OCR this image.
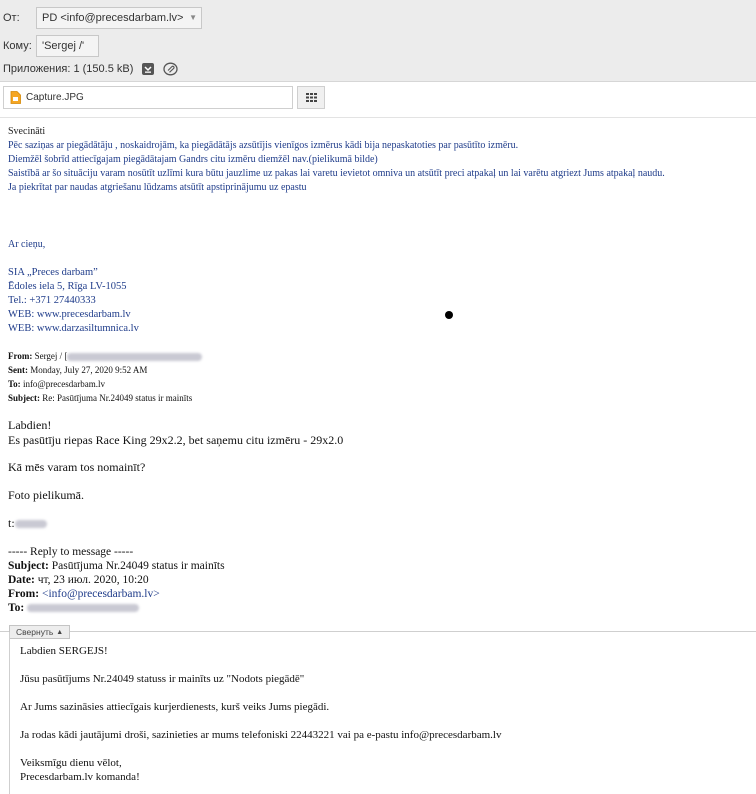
От:	PD <info@precesdarbam.lv> ▼
Кому: 'Sergej /'
Приложения: 1 (150.5 kB)
Capture.JPG
Svecināti
Pēc saziņas ar piegādātāju , noskaidrojām, ka piegādātājs azsūtījis vienīgos izmērus kādi bija nepaskatoties par pasūtīto izmēru.
Diemžēl šobrīd attiecīgajam piegādātajam Gandrs citu izmēru diemžēl nav.(pielikumā bilde)
Saistībā ar šo situāciju varam nosūtīt uzlīmi kura būtu jauzlime uz pakas lai varetu ievietot omniva un atsūtīt preci atpakaļ un lai varētu atgriezt Jums atpakaļ naudu.
Ja piekrītat par naudas atgriešanu lūdzams atsūtīt apstiprinājumu uz epastu
Ar cieņu,
SIA „Preces darbam”
Ēdoles iela 5, Rīga LV-1055
Tel.: +371 27440333
WEB: www.precesdarbam.lv
WEB: www.darzasiltumnica.lv
From: Sergej / [
Sent: Monday, July 27, 2020 9:52 AM
To: info@precesdarbam.lv
Subject: Re: Pasūtījuma Nr.24049 status ir mainīts
Labdien!
Es pasūtīju riepas Race King 29x2.2, bet saņemu citu izmēru - 29x2.0
Kā mēs varam tos nomainīt?
Foto pielikumā.
t:
----- Reply to message -----
Subject: Pasūtījuma Nr.24049 status ir mainīts
Date: чт, 23 июл. 2020, 10:20
From: <info@precesdarbam.lv>
To:
Свернуть ▲
Labdien SERGEJS!
Jūsu pasūtījums Nr.24049 statuss ir mainīts uz "Nodots piegādē"
Ar Jums sazināsies attiecīgais kurjerdienests, kurš veiks Jums piegādi.
Ja rodas kādi jautājumi droši, sazinieties ar mums telefoniski 22443221 vai pa e-pastu info@precesdarbam.lv
Veiksmīgu dienu vēlot,
Precesdarbam.lv komanda!
